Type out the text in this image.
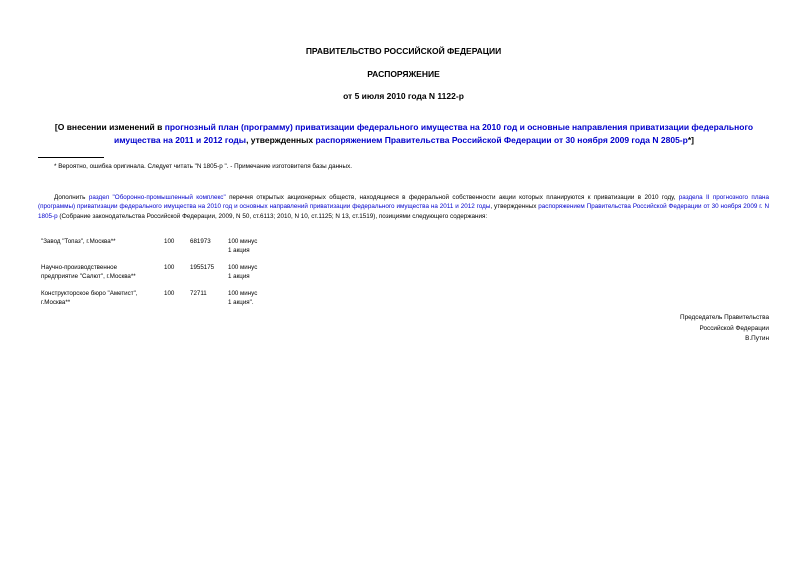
ПРАВИТЕЛЬСТВО РОССИЙСКОЙ ФЕДЕРАЦИИ
РАСПОРЯЖЕНИЕ
от 5 июля 2010 года N 1122-р
[О внесении изменений в прогнозный план (программу) приватизации федерального имущества на 2010 год и основные направления приватизации федерального имущества на 2011 и 2012 годы, утвержденных распоряжением Правительства Российской Федерации от 30 ноября 2009 года N 2805-р*]
* Вероятно, ошибка оригинала. Следует читать "N 1805-р ". - Примечание изготовителя базы данных.
Дополнить раздел "Оборонно-промышленный комплекс" перечня открытых акционерных обществ, находящиеся в федеральной собственности акции которых планируются к приватизации в 2010 году, раздела II прогнозного плана (программы) приватизации федерального имущества на 2010 год и основных направлений приватизации федерального имущества на 2011 и 2012 годы, утвержденных распоряжением Правительства Российской Федерации от 30 ноября 2009 г. N 1805-р (Собрание законодательства Российской Федерации, 2009, N 50, ст.6113; 2010, N 10, ст.1125; N 13, ст.1519), позициями следующего содержания:
"Завод "Топаз", г.Москва**	100	681973	100 минус
1 акция

Научно-производственное
предприятие "Салют", г.Москва**	100	1955175	100 минус
1 акция

Конструкторское бюро "Аметист",
г.Москва**	100	72711	100 минус
1 акция".
Председатель Правительства
Российской Федерации
В.Путин
